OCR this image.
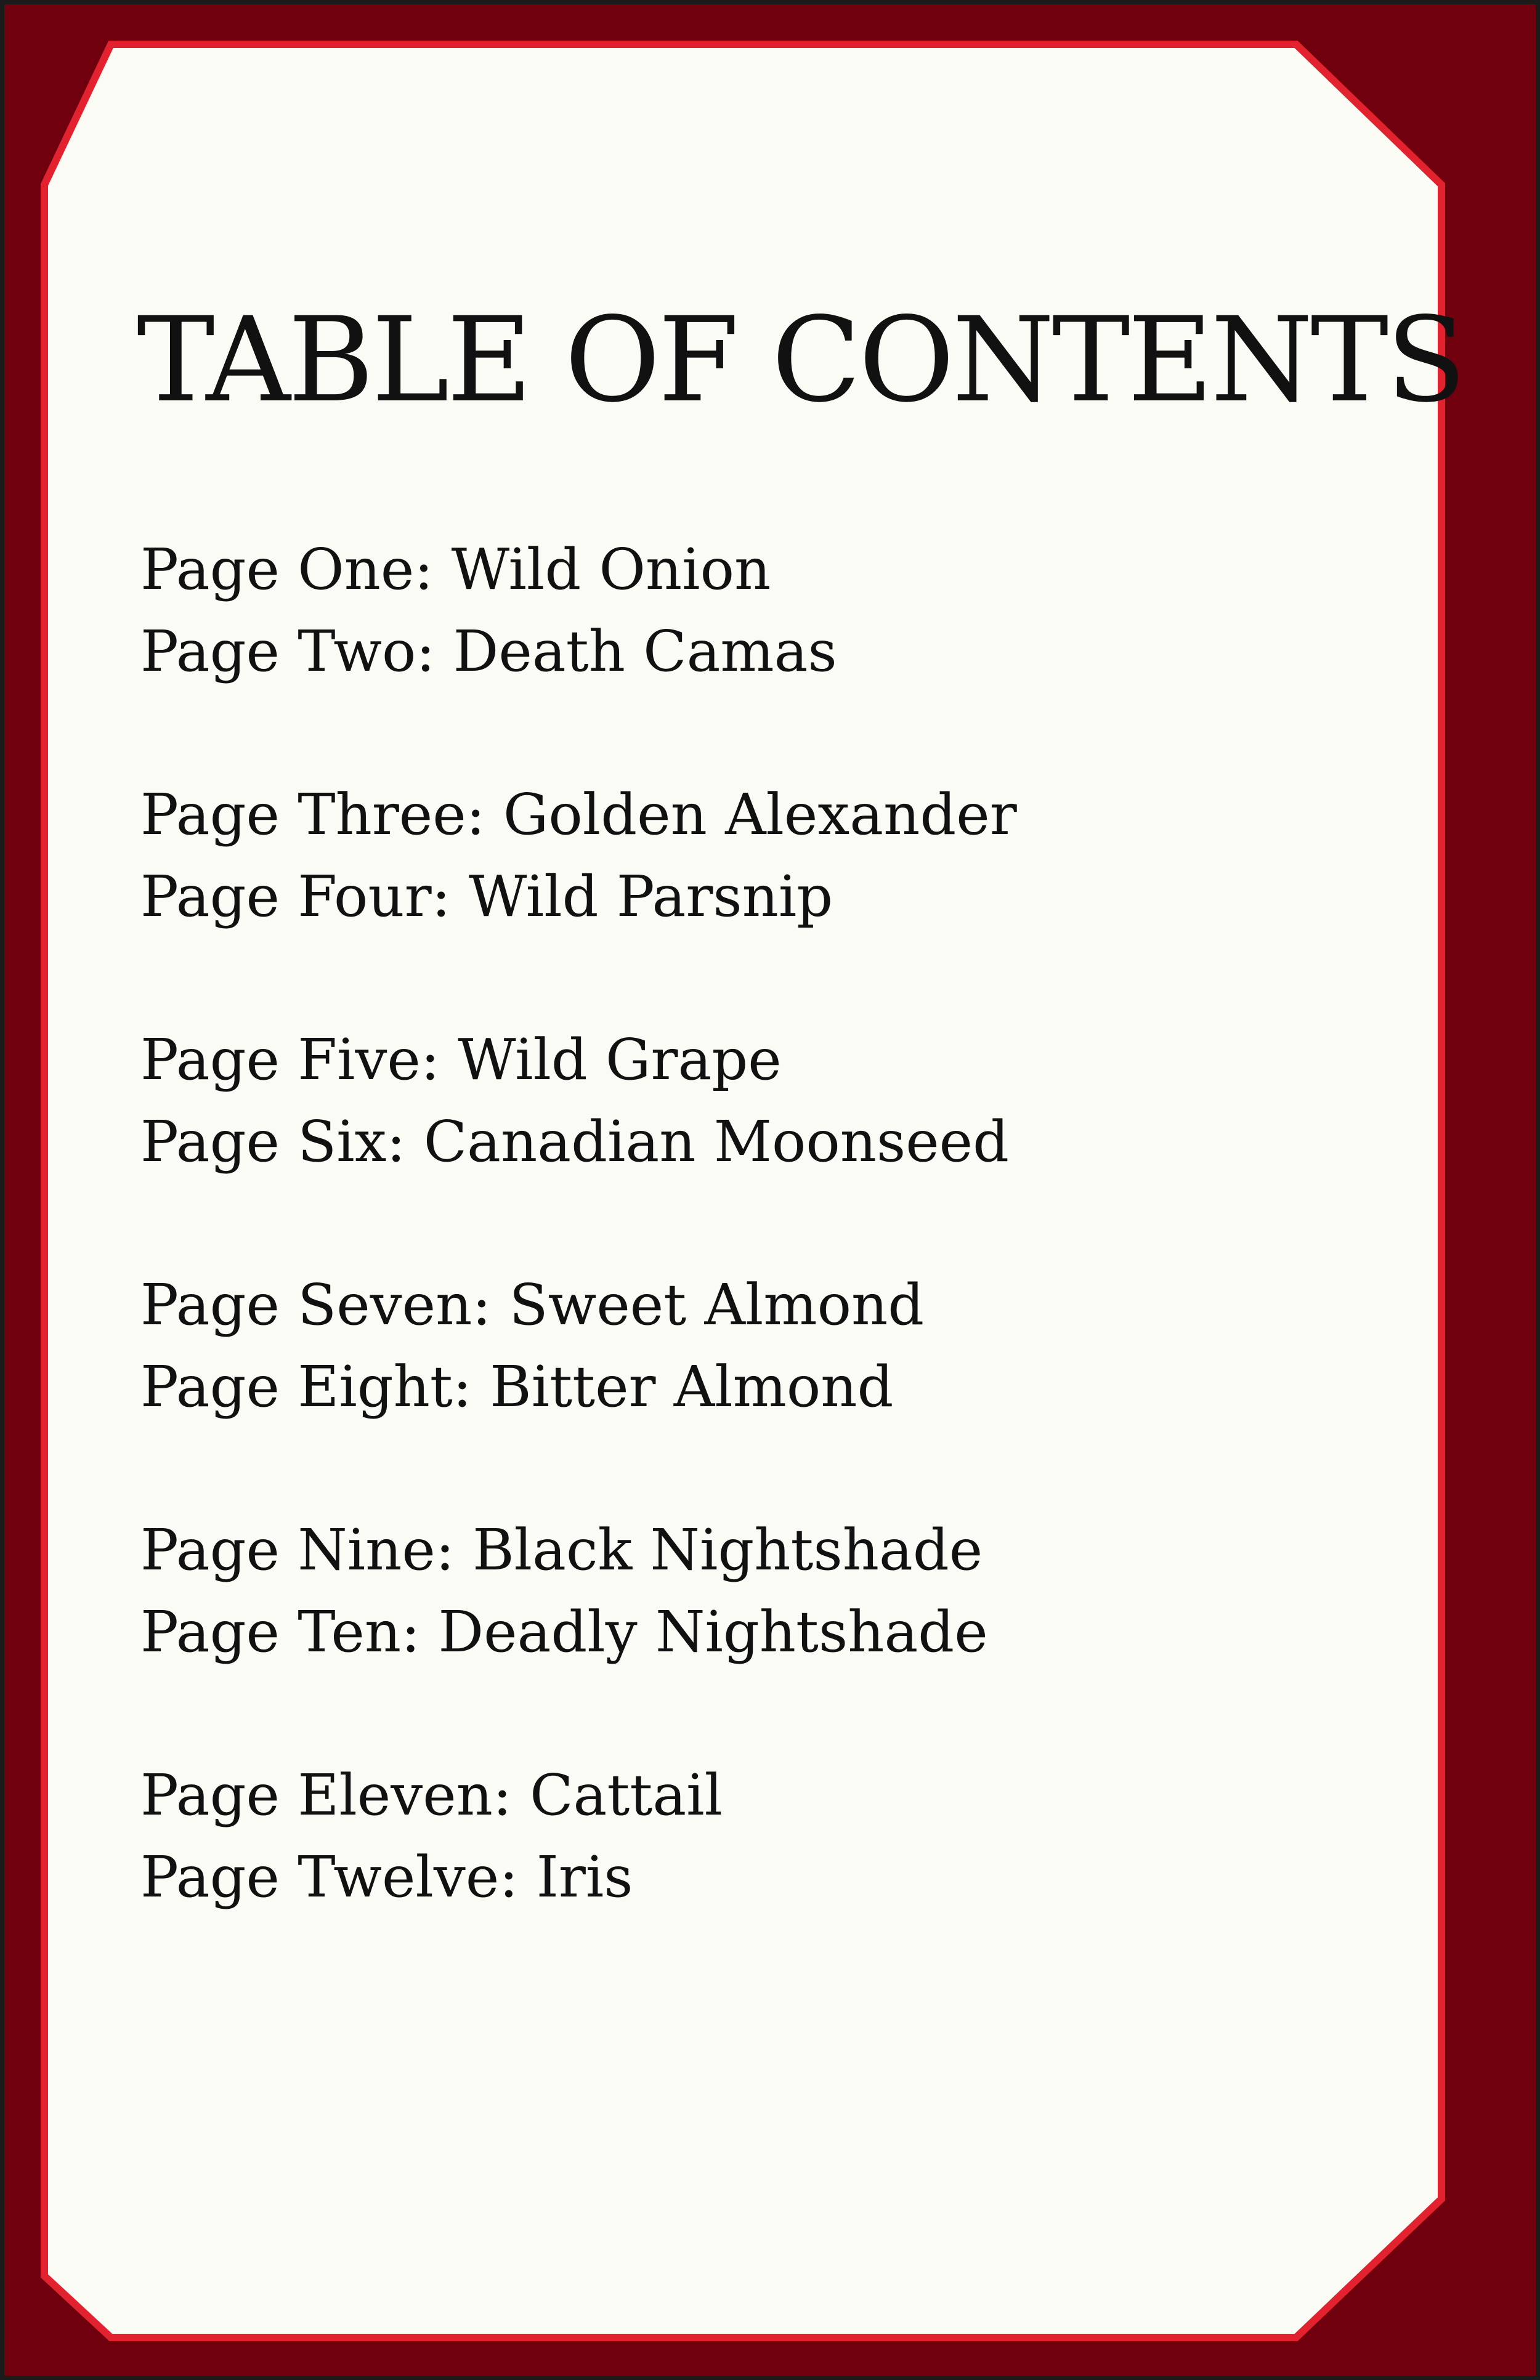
TABLE OF CONTENTS
Page One: Wild Onion
Page Two: Death Camas
Page Three: Golden Alexander
Page Four: Wild Parsnip
Page Five: Wild Grape
Page Six: Canadian Moonseed
Page Seven: Sweet Almond
Page Eight: Bitter Almond
Page Nine: Black Nightshade
Page Ten: Deadly Nightshade
Page Eleven: Cattail
Page Twelve: Iris
